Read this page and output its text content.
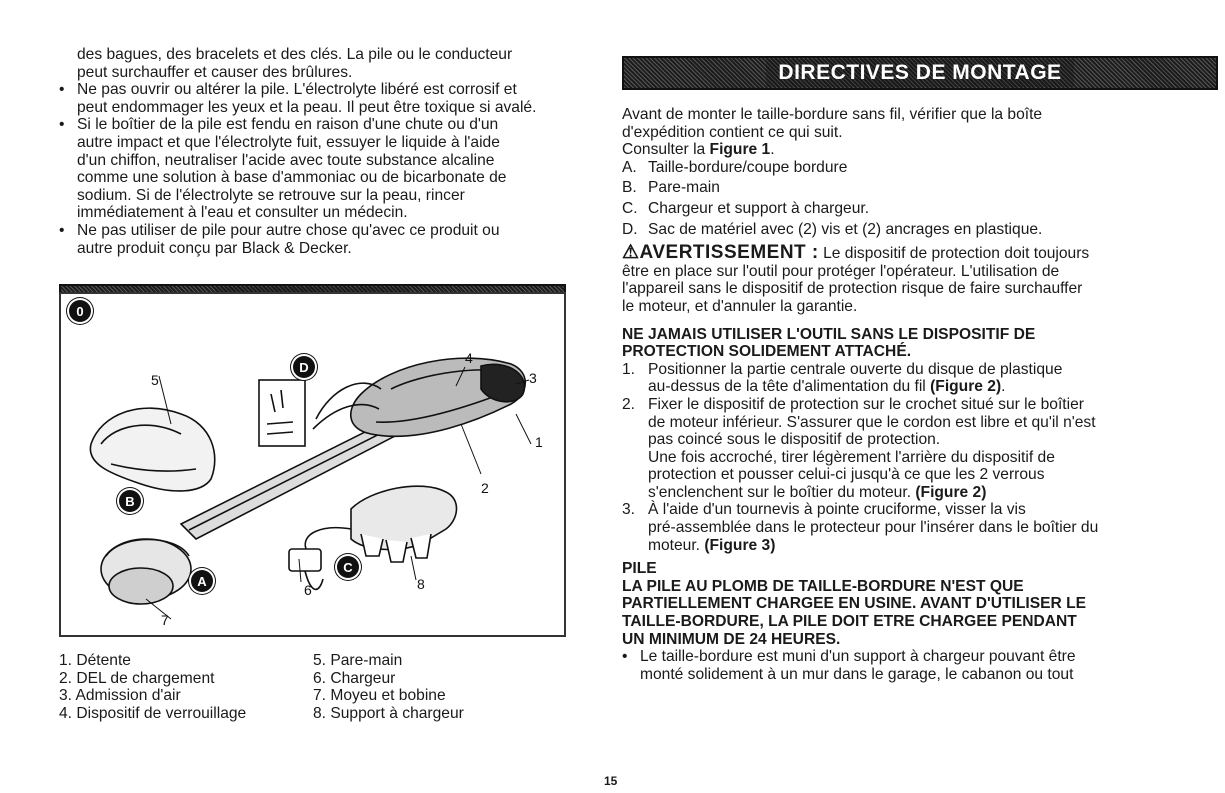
des bagues, des bracelets et des clés. La pile ou le conducteur

peut surchauffer et causer des brûlures.

• Ne pas ouvrir ou altérer la pile. L'électrolyte libéré est corrosif et
peut endommager les yeux et la peau. Il peut être toxique si avalé.
• Si le boîtier de la pile est fendu en raison d'une chute ou d'un
autre impact et que l'électrolyte fuit, essuyer le liquide à l'aide
d'un chiffon, neutraliser l'acide avec toute substance alcaline
comme une solution à base d'ammoniac ou de bicarbonate de
sodium. Si de l'électrolyte se retrouve sur la peau, rincer
immédiatement à l'eau et consulter un médecin.
• Ne pas utiliser de pile pour autre chose qu'avec ce produit ou
autre produit conçu par Black & Decker.
0
D
B
C
A
1
2
3
4
5
6
7
8
1. Détente
2. DEL de chargement
3. Admission d'air
4. Dispositif de verrouillage
5. Pare-main
6. Chargeur
7. Moyeu et bobine
8. Support à chargeur
DIRECTIVES DE MONTAGE

Avant de monter le taille-bordure sans fil, vérifier que la boîte

d'expédition contient ce qui suit.

Consulter la Figure 1.

A. Taille-bordure/coupe bordure
B. Pare-main
C. Chargeur et support à chargeur.
D. Sac de matériel avec (2) vis et (2) ancrages en plastique.
⚠AVERTISSEMENT : Le dispositif de protection doit toujours
être en place sur l'outil pour protéger l'opérateur. L'utilisation de
l'appareil sans le dispositif de protection risque de faire surchauffer
le moteur, et d'annuler la garantie.
NE JAMAIS UTILISER L'OUTIL SANS LE DISPOSITIF DE
PROTECTION SOLIDEMENT ATTACHÉ.
1. Positionner la partie centrale ouverte du disque de plastique
au-dessus de la tête d'alimentation du fil (Figure 2).
2. Fixer le dispositif de protection sur le crochet situé sur le boîtier
de moteur inférieur. S'assurer que le cordon est libre et qu'il n'est
pas coincé sous le dispositif de protection.
Une fois accroché, tirer légèrement l'arrière du dispositif de
protection et pousser celui-ci jusqu'à ce que les 2 verrous
s'enclenchent sur le boîtier du moteur. (Figure 2)
3. À l'aide d'un tournevis à pointe cruciforme, visser la vis
pré-assemblée dans le protecteur pour l'insérer dans le boîtier du
moteur. (Figure 3)
PILE
LA PILE AU PLOMB DE TAILLE-BORDURE N'EST QUE
PARTIELLEMENT CHARGEE EN USINE. AVANT D'UTILISER LE
TAILLE-BORDURE, LA PILE DOIT ETRE CHARGEE PENDANT
UN MINIMUM DE 24 HEURES.
• Le taille-bordure est muni d'un support à chargeur pouvant être
monté solidement à un mur dans le garage, le cabanon ou tout
15
